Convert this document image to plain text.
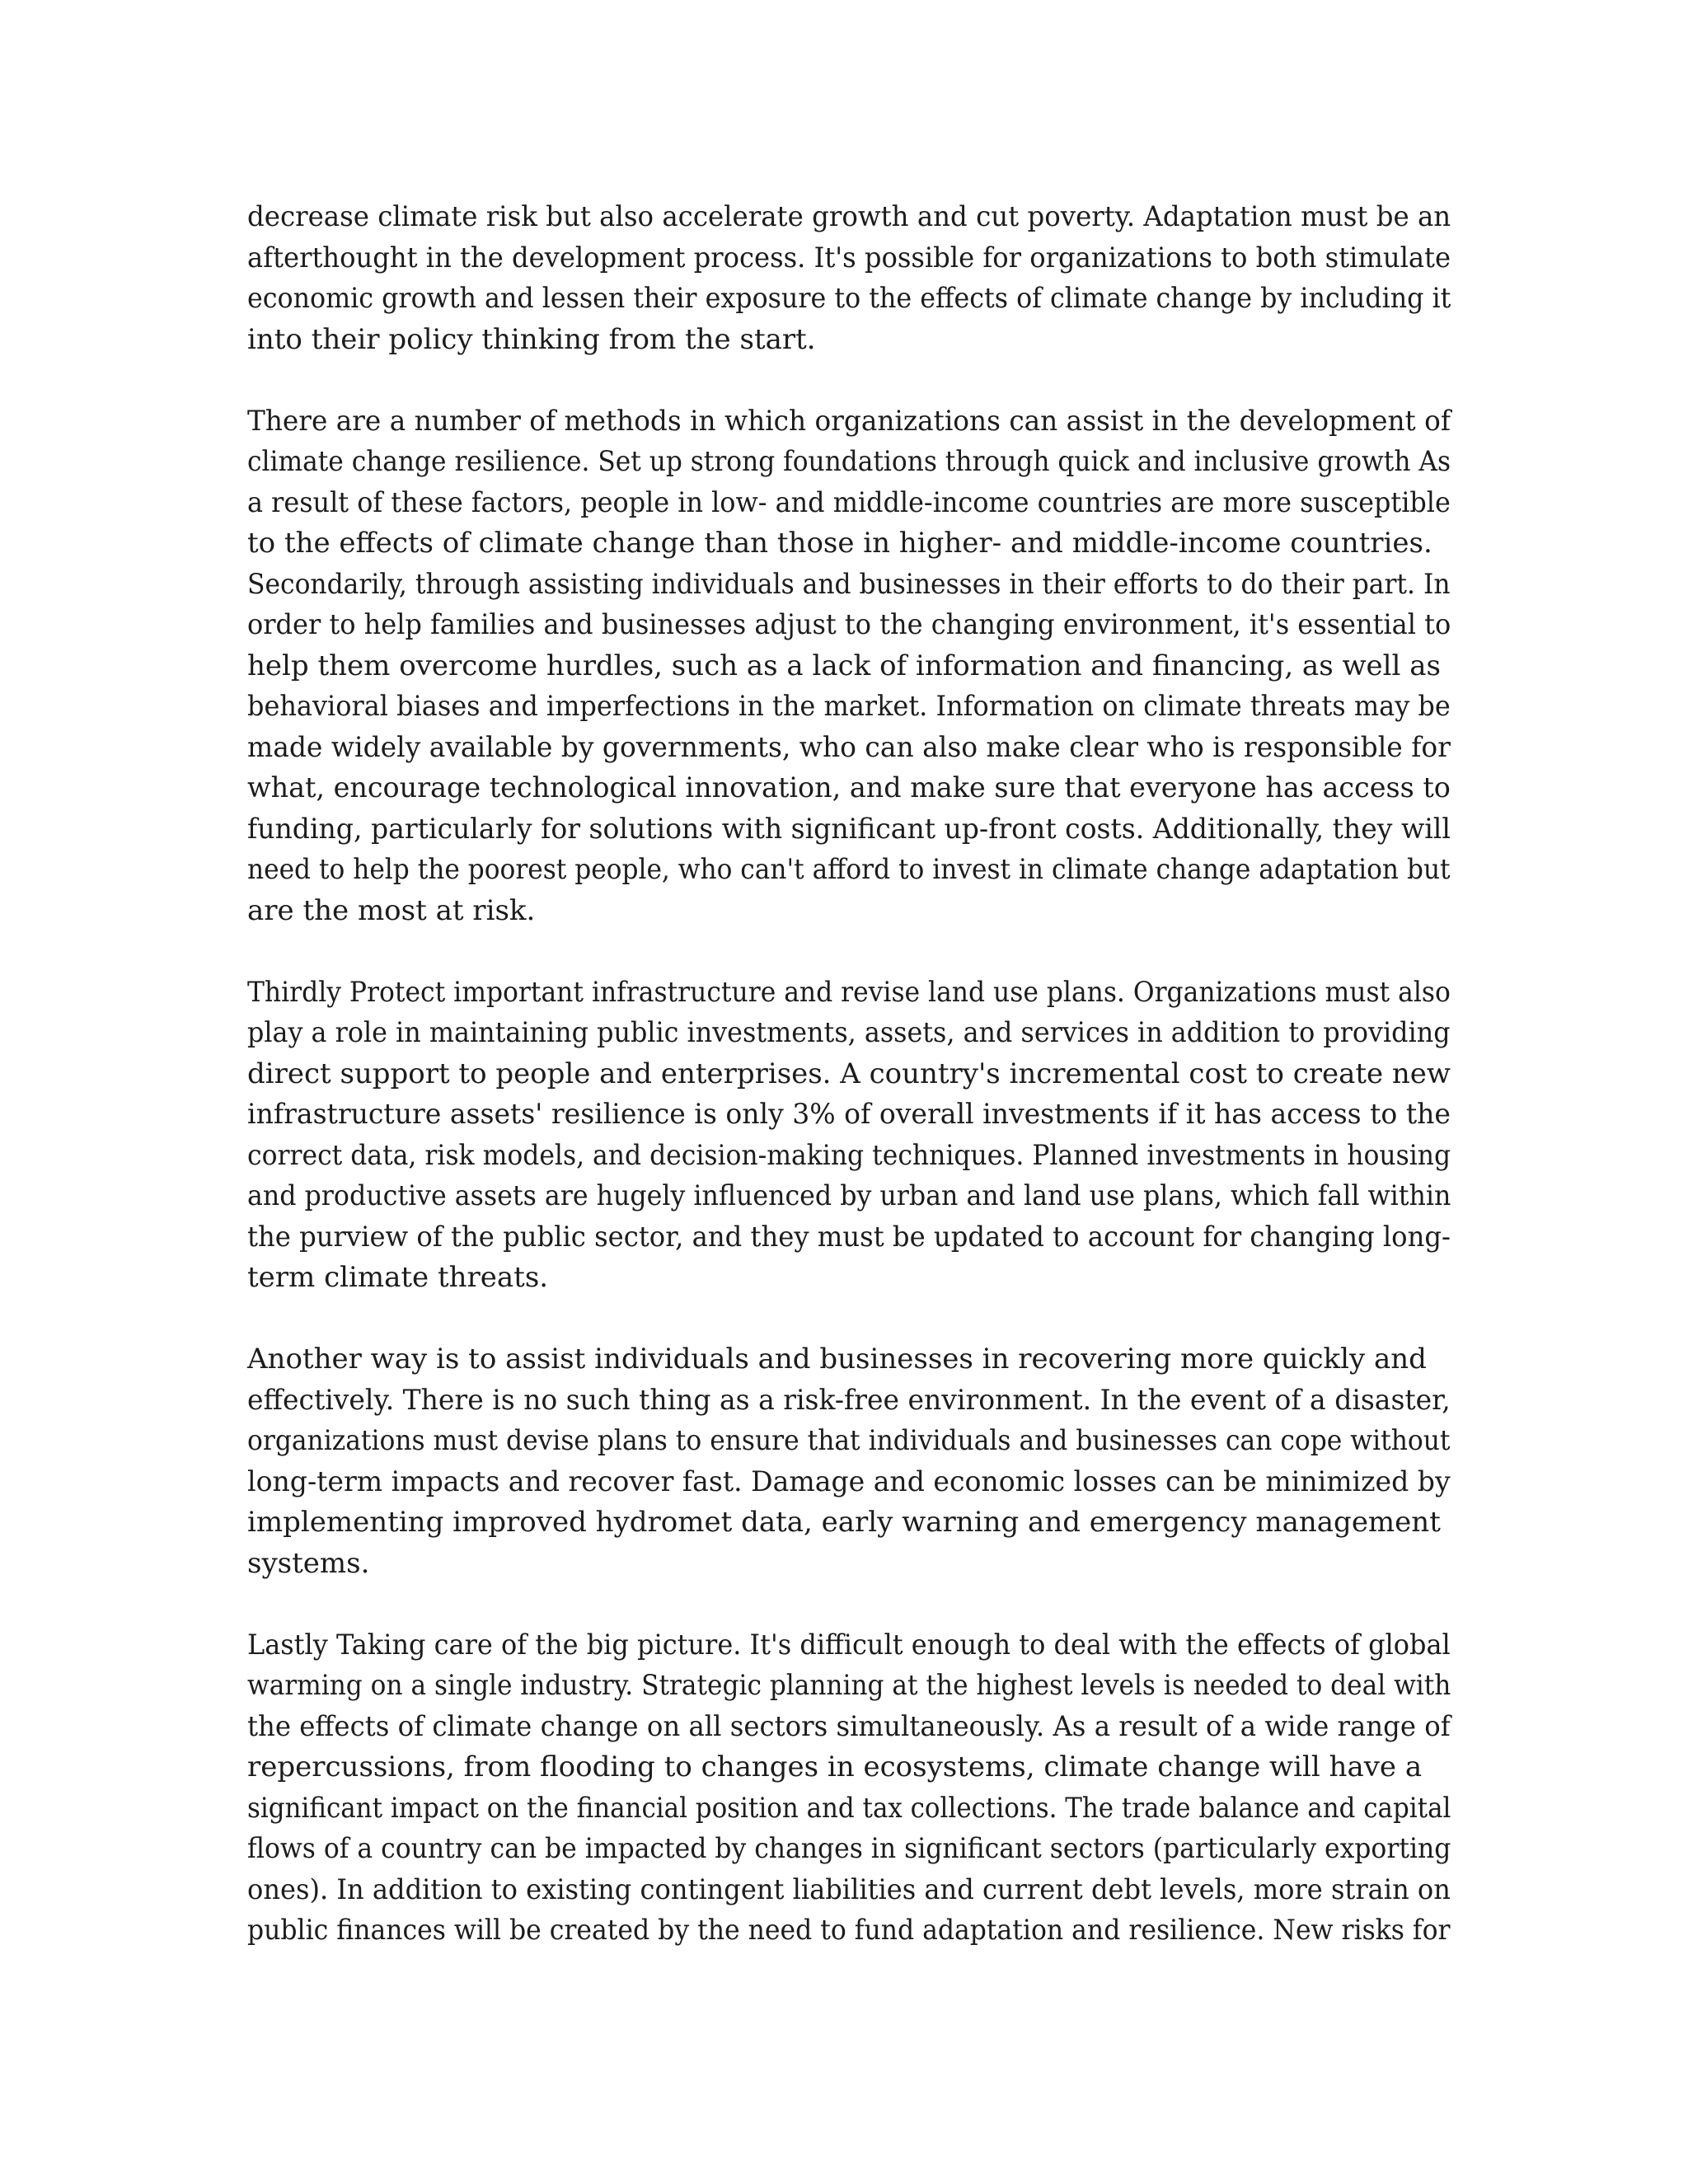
decrease climate risk but also accelerate growth and cut poverty. Adaptation must be an
afterthought in the development process. It's possible for organizations to both stimulate
economic growth and lessen their exposure to the effects of climate change by including it
into their policy thinking from the start.

There are a number of methods in which organizations can assist in the development of
climate change resilience. Set up strong foundations through quick and inclusive growth As
a result of these factors, people in low- and middle-income countries are more susceptible
to the effects of climate change than those in higher- and middle-income countries.
Secondarily, through assisting individuals and businesses in their efforts to do their part. In
order to help families and businesses adjust to the changing environment, it's essential to
help them overcome hurdles, such as a lack of information and financing, as well as
behavioral biases and imperfections in the market. Information on climate threats may be
made widely available by governments, who can also make clear who is responsible for
what, encourage technological innovation, and make sure that everyone has access to
funding, particularly for solutions with significant up-front costs. Additionally, they will
need to help the poorest people, who can't afford to invest in climate change adaptation but
are the most at risk.

Thirdly Protect important infrastructure and revise land use plans. Organizations must also
play a role in maintaining public investments, assets, and services in addition to providing
direct support to people and enterprises. A country's incremental cost to create new
infrastructure assets' resilience is only 3% of overall investments if it has access to the
correct data, risk models, and decision-making techniques. Planned investments in housing
and productive assets are hugely influenced by urban and land use plans, which fall within
the purview of the public sector, and they must be updated to account for changing long-
term climate threats.

Another way is to assist individuals and businesses in recovering more quickly and
effectively. There is no such thing as a risk-free environment. In the event of a disaster,
organizations must devise plans to ensure that individuals and businesses can cope without
long-term impacts and recover fast. Damage and economic losses can be minimized by
implementing improved hydromet data, early warning and emergency management
systems.

Lastly Taking care of the big picture. It's difficult enough to deal with the effects of global
warming on a single industry. Strategic planning at the highest levels is needed to deal with
the effects of climate change on all sectors simultaneously. As a result of a wide range of
repercussions, from flooding to changes in ecosystems, climate change will have a
significant impact on the financial position and tax collections. The trade balance and capital
flows of a country can be impacted by changes in significant sectors (particularly exporting
ones). In addition to existing contingent liabilities and current debt levels, more strain on
public finances will be created by the need to fund adaptation and resilience. New risks for
